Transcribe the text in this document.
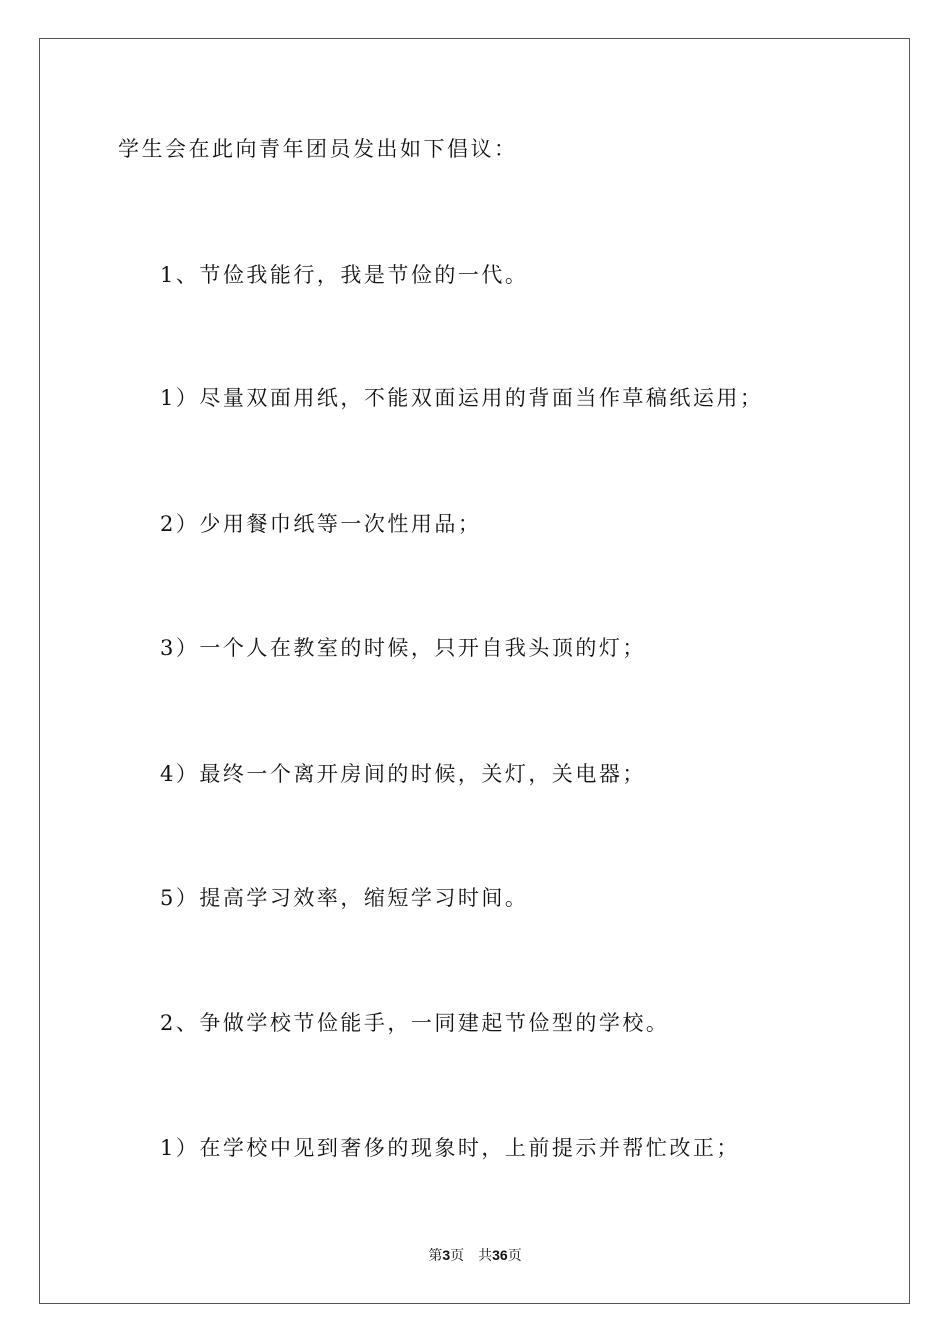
学生会在此向青年团员发出如下倡议：
1、节俭我能行，我是节俭的一代。
1）尽量双面用纸，不能双面运用的背面当作草稿纸运用；
2）少用餐巾纸等一次性用品；
3）一个人在教室的时候，只开自我头顶的灯；
4）最终一个离开房间的时候，关灯，关电器；
5）提高学习效率，缩短学习时间。
2、争做学校节俭能手，一同建起节俭型的学校。
1）在学校中见到奢侈的现象时，上前提示并帮忙改正；
第3页 共36页
